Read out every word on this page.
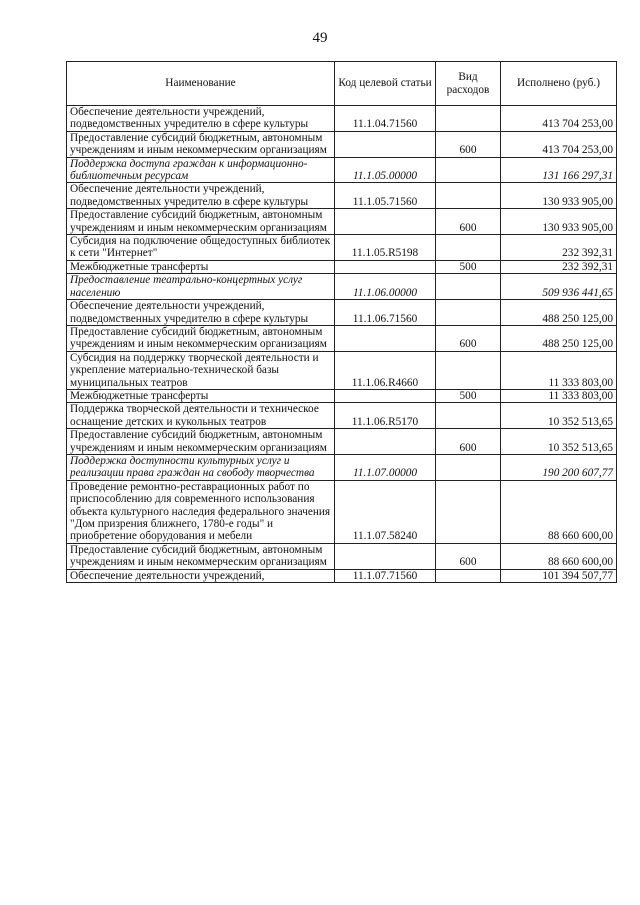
49
Наименование	Код целевой статьи	Вид расходов	Исполнено (руб.)
Обеспечение деятельности учреждений, подведомственных учредителю в сфере культуры	11.1.04.71560		413 704 253,00
Предоставление субсидий бюджетным, автономным учреждениям и иным некоммерческим организациям		600	413 704 253,00
Поддержка доступа граждан к информационно-библиотечным ресурсам	11.1.05.00000		131 166 297,31
Обеспечение деятельности учреждений, подведомственных учредителю в сфере культуры	11.1.05.71560		130 933 905,00
Предоставление субсидий бюджетным, автономным учреждениям и иным некоммерческим организациям		600	130 933 905,00
Субсидия на подключение общедоступных библиотек к сети "Интернет"	11.1.05.R5198		232 392,31
Межбюджетные трансферты		500	232 392,31
Предоставление театрально-концертных услуг населению	11.1.06.00000		509 936 441,65
Обеспечение деятельности учреждений, подведомственных учредителю в сфере культуры	11.1.06.71560		488 250 125,00
Предоставление субсидий бюджетным, автономным учреждениям и иным некоммерческим организациям		600	488 250 125,00
Субсидия на поддержку творческой деятельности и укрепление материально-технической базы муниципальных театров	11.1.06.R4660		11 333 803,00
Межбюджетные трансферты		500	11 333 803,00
Поддержка творческой деятельности и техническое оснащение детских и кукольных театров	11.1.06.R5170		10 352 513,65
Предоставление субсидий бюджетным, автономным учреждениям и иным некоммерческим организациям		600	10 352 513,65
Поддержка доступности культурных услуг и реализации права граждан на свободу творчества	11.1.07.00000		190 200 607,77
Проведение ремонтно-реставрационных работ по приспособлению для современного использования объекта культурного наследия федерального значения "Дом призрения ближнего, 1780-е годы" и приобретение оборудования и мебели	11.1.07.58240		88 660 600,00
Предоставление субсидий бюджетным, автономным учреждениям и иным некоммерческим организациям		600	88 660 600,00
Обеспечение деятельности учреждений,	11.1.07.71560		101 394 507,77
